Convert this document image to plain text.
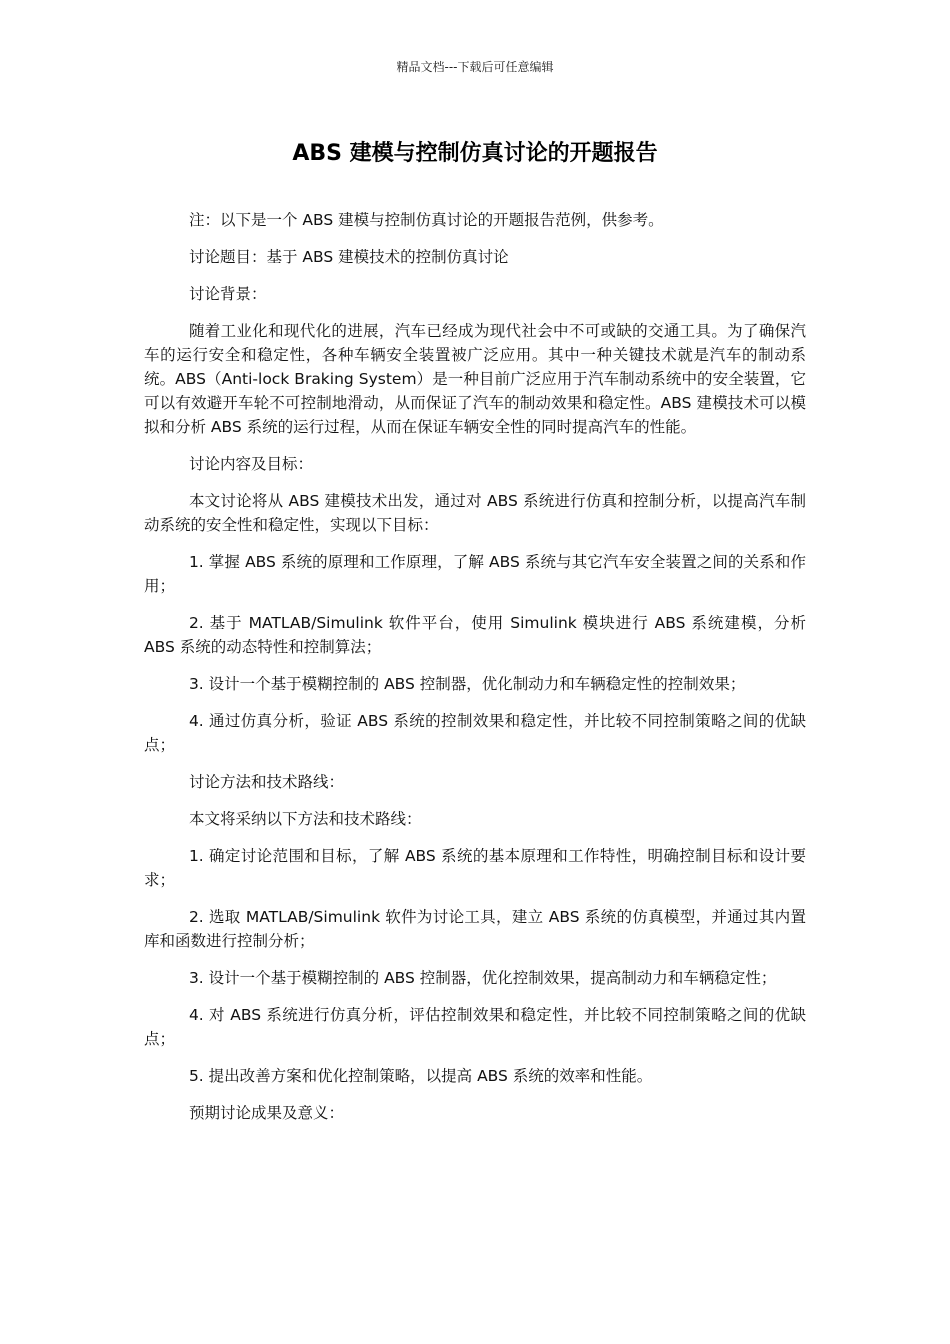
精品文档---下载后可任意编辑
ABS 建模与控制仿真讨论的开题报告

注：以下是一个 ABS 建模与控制仿真讨论的开题报告范例，供参考。

讨论题目：基于 ABS 建模技术的控制仿真讨论

讨论背景：

随着工业化和现代化的进展，汽车已经成为现代社会中不可或缺的交通工具。为了确保汽车的运行安全和稳定性，各种车辆安全装置被广泛应用。其中一种关键技术就是汽车的制动系统。ABS（Anti-lock Braking System）是一种目前广泛应用于汽车制动系统中的安全装置，它可以有效避开车轮不可控制地滑动，从而保证了汽车的制动效果和稳定性。ABS 建模技术可以模拟和分析 ABS 系统的运行过程，从而在保证车辆安全性的同时提高汽车的性能。

讨论内容及目标：

本文讨论将从 ABS 建模技术出发，通过对 ABS 系统进行仿真和控制分析，以提高汽车制动系统的安全性和稳定性，实现以下目标：

1. 掌握 ABS 系统的原理和工作原理，了解 ABS 系统与其它汽车安全装置之间的关系和作用；

2. 基于 MATLAB/Simulink 软件平台，使用 Simulink 模块进行 ABS 系统建模，分析 ABS 系统的动态特性和控制算法；

3. 设计一个基于模糊控制的 ABS 控制器，优化制动力和车辆稳定性的控制效果；

4. 通过仿真分析，验证 ABS 系统的控制效果和稳定性，并比较不同控制策略之间的优缺点；

讨论方法和技术路线：

本文将采纳以下方法和技术路线：

1. 确定讨论范围和目标，了解 ABS 系统的基本原理和工作特性，明确控制目标和设计要求；

2. 选取 MATLAB/Simulink 软件为讨论工具，建立 ABS 系统的仿真模型，并通过其内置库和函数进行控制分析；

3. 设计一个基于模糊控制的 ABS 控制器，优化控制效果，提高制动力和车辆稳定性；

4. 对 ABS 系统进行仿真分析，评估控制效果和稳定性，并比较不同控制策略之间的优缺点；

5. 提出改善方案和优化控制策略，以提高 ABS 系统的效率和性能。

预期讨论成果及意义：
